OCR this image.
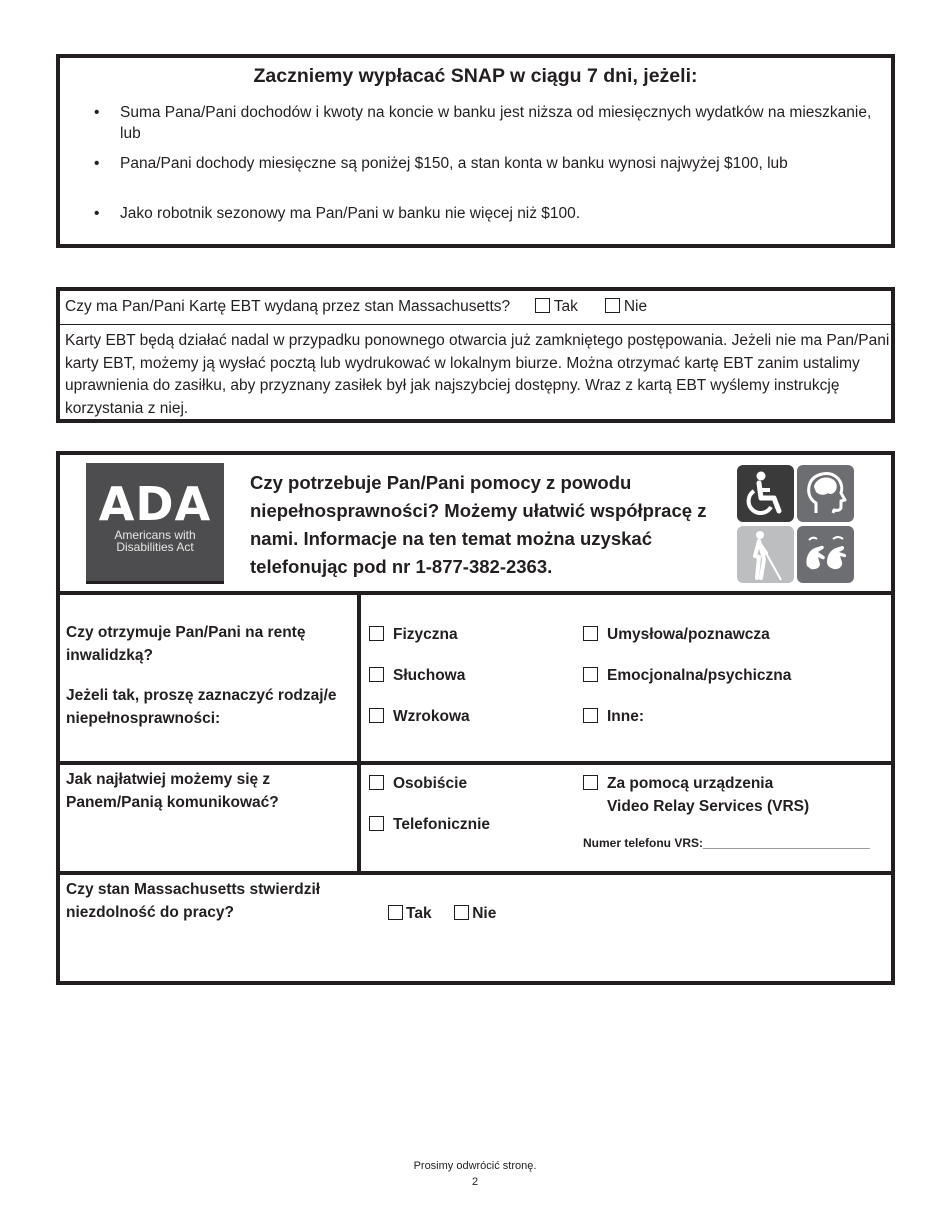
Zaczniemy wypłacać SNAP w ciągu 7 dni, jeżeli:
• Suma Pana/Pani dochodów i kwoty na koncie w banku jest niższa od miesięcznych wydatków na mieszkanie, lub
• Pana/Pani dochody miesięczne są poniżej $150, a stan konta w banku wynosi najwyżej $100, lub
• Jako robotnik sezonowy ma Pan/Pani w banku nie więcej niż $100.
Czy ma Pan/Pani Kartę EBT wydaną przez stan Massachusetts?	Tak	Nie
Karty EBT będą działać nadal w przypadku ponownego otwarcia już zamkniętego postępowania. Jeżeli nie ma Pan/Pani karty EBT, możemy ją wysłać pocztą lub wydrukować w lokalnym biurze. Można otrzymać kartę EBT zanim ustalimy uprawnienia do zasiłku, aby przyznany zasiłek był jak najszybciej dostępny. Wraz z kartą EBT wyślemy instrukcję korzystania z niej.
ADA
Americans with
Disabilities Act
Czy potrzebuje Pan/Pani pomocy z powodu niepełnosprawności? Możemy ułatwić współpracę z nami. Informacje na ten temat można uzyskać telefonując pod nr 1-877-382-2363.
Czy otrzymuje Pan/Pani na rentę inwalidzką?
Jeżeli tak, proszę zaznaczyć rodzaj/e niepełnosprawności:
Fizyczna
Słuchowa
Wzrokowa
Umysłowa/poznawcza
Emocjonalna/psychiczna
Inne:
Jak najłatwiej możemy się z Panem/Panią komunikować?
Osobiście
Telefonicznie
Za pomocą urządzenia
Video Relay Services (VRS)
Numer telefonu VRS:_________________________
Czy stan Massachusetts stwierdził niezdolność do pracy?	Tak	Nie
Prosimy odwrócić stronę.
2
